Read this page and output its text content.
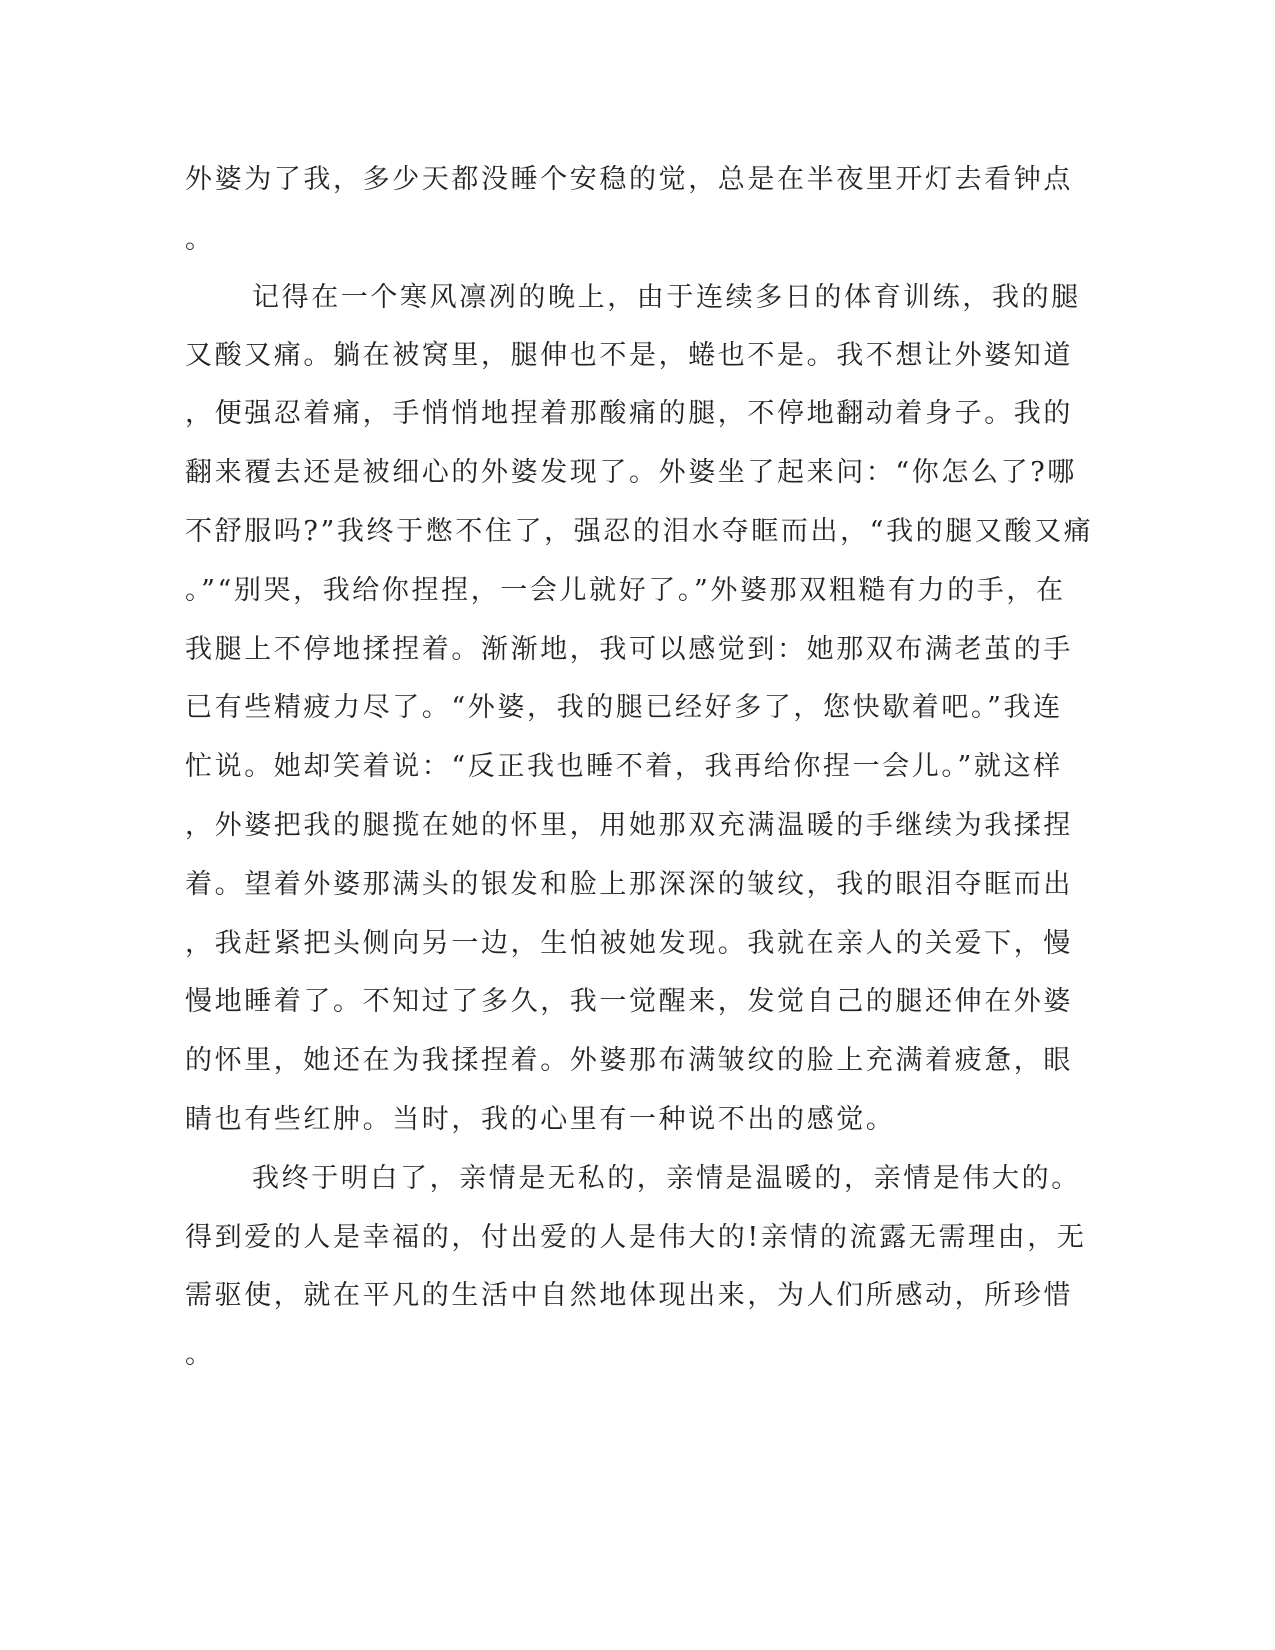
外婆为了我，多少天都没睡个安稳的觉，总是在半夜里开灯去看钟点
。
记得在一个寒风凛冽的晚上，由于连续多日的体育训练，我的腿
又酸又痛。躺在被窝里，腿伸也不是，蜷也不是。我不想让外婆知道
，便强忍着痛，手悄悄地捏着那酸痛的腿，不停地翻动着身子。我的
翻来覆去还是被细心的外婆发现了。外婆坐了起来问：“你怎么了?哪
不舒服吗?”我终于憋不住了，强忍的泪水夺眶而出，“我的腿又酸又痛
。”“别哭，我给你捏捏，一会儿就好了。”外婆那双粗糙有力的手，在
我腿上不停地揉捏着。渐渐地，我可以感觉到：她那双布满老茧的手
已有些精疲力尽了。“外婆，我的腿已经好多了，您快歇着吧。”我连
忙说。她却笑着说：“反正我也睡不着，我再给你捏一会儿。”就这样
，外婆把我的腿揽在她的怀里，用她那双充满温暖的手继续为我揉捏
着。望着外婆那满头的银发和脸上那深深的皱纹，我的眼泪夺眶而出
，我赶紧把头侧向另一边，生怕被她发现。我就在亲人的关爱下，慢
慢地睡着了。不知过了多久，我一觉醒来，发觉自己的腿还伸在外婆
的怀里，她还在为我揉捏着。外婆那布满皱纹的脸上充满着疲惫，眼
睛也有些红肿。当时，我的心里有一种说不出的感觉。
我终于明白了，亲情是无私的，亲情是温暖的，亲情是伟大的。
得到爱的人是幸福的，付出爱的人是伟大的!亲情的流露无需理由，无
需驱使，就在平凡的生活中自然地体现出来，为人们所感动，所珍惜
。
